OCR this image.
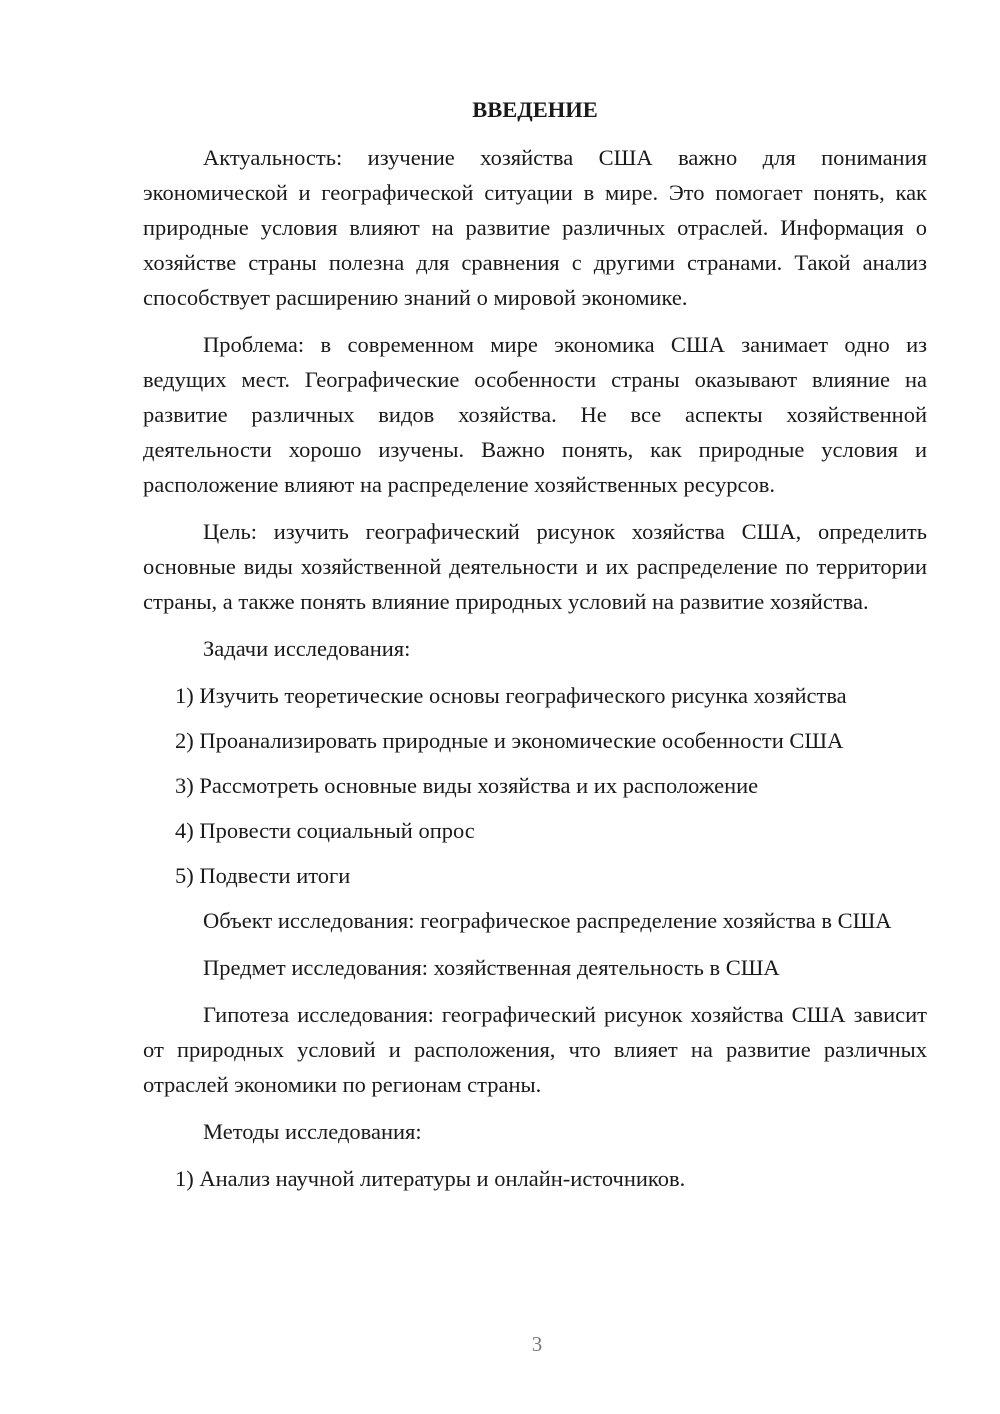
ВВЕДЕНИЕ

Актуальность: изучение хозяйства США важно для понимания экономической и географической ситуации в мире. Это помогает понять, как природные условия влияют на развитие различных отраслей. Информация о хозяйстве страны полезна для сравнения с другими странами. Такой анализ способствует расширению знаний о мировой экономике.

Проблема: в современном мире экономика США занимает одно из ведущих мест. Географические особенности страны оказывают влияние на развитие различных видов хозяйства. Не все аспекты хозяйственной деятельности хорошо изучены. Важно понять, как природные условия и расположение влияют на распределение хозяйственных ресурсов.

Цель: изучить географический рисунок хозяйства США, определить основные виды хозяйственной деятельности и их распределение по территории страны, а также понять влияние природных условий на развитие хозяйства.

Задачи исследования:

1) Изучить теоретические основы географического рисунка хозяйства

2) Проанализировать природные и экономические особенности США

3) Рассмотреть основные виды хозяйства и их расположение

4) Провести социальный опрос

5) Подвести итоги

Объект исследования: географическое распределение хозяйства в США

Предмет исследования: хозяйственная деятельность в США

Гипотеза исследования: географический рисунок хозяйства США зависит от природных условий и расположения, что влияет на развитие различных отраслей экономики по регионам страны.

Методы исследования:

1) Анализ научной литературы и онлайн-источников.

3
